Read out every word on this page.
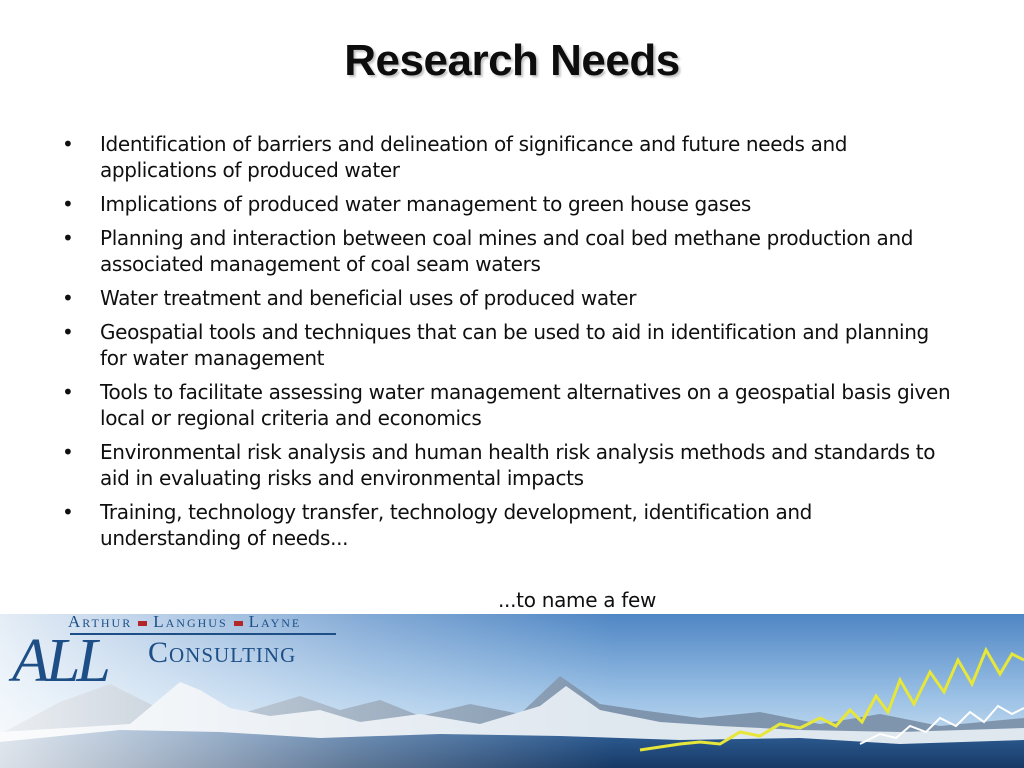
Research Needs
• Identification of barriers and delineation of significance and future needs and applications of produced water
• Implications of produced water management to green house gases
• Planning and interaction between coal mines and coal bed methane production and associated management of coal seam waters
• Water treatment and beneficial uses of produced water
• Geospatial tools and techniques that can be used to aid in identification and planning for water management
• Tools to facilitate assessing water management alternatives on a geospatial basis given local or regional criteria and economics
• Environmental risk analysis and human health risk analysis methods and standards to aid in evaluating risks and environmental impacts
• Training, technology transfer, technology development, identification and understanding of needs...
...to name a few
Arthur Langhus Layne
ALL Consulting
